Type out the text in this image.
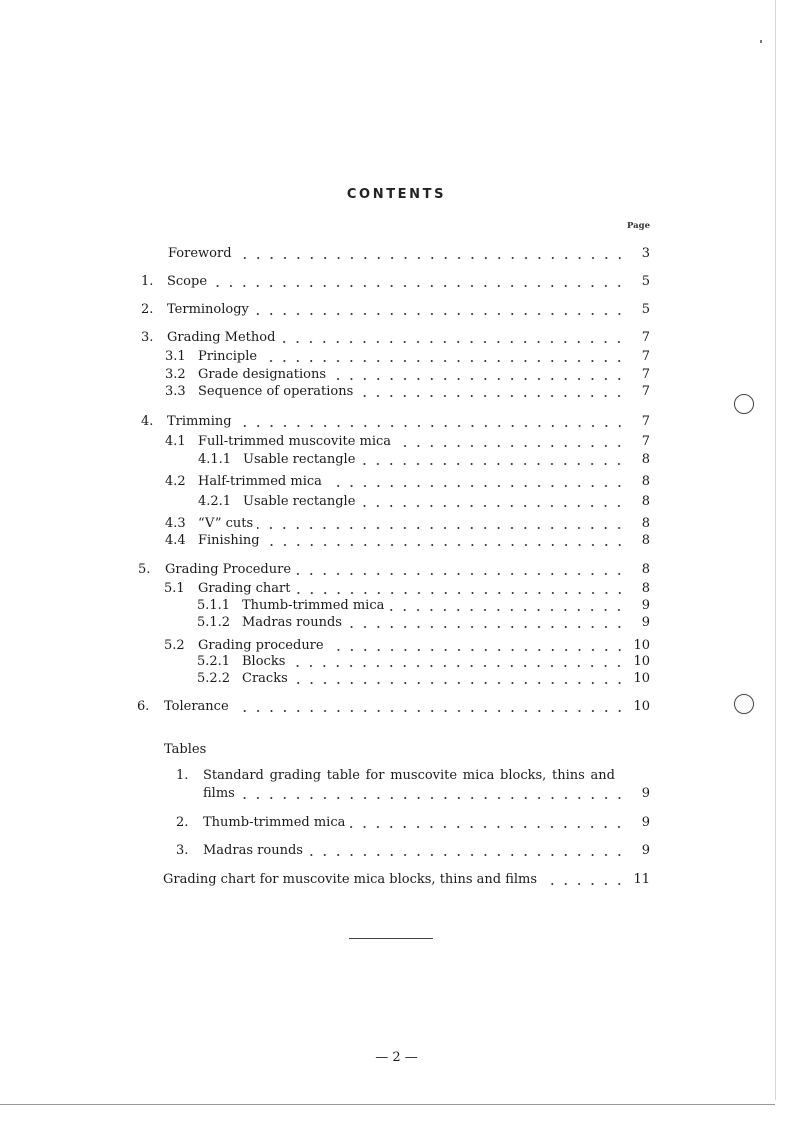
CONTENTS
Page
Foreword	3
1. Scope	5
2. Terminology	5
3. Grading Method	7
3.1 Principle	7
3.2 Grade designations	7
3.3 Sequence of operations	7
4. Trimming	7
4.1 Full-trimmed muscovite mica	7
4.1.1 Usable rectangle	8
4.2 Half-trimmed mica	8
4.2.1 Usable rectangle	8
4.3 “V” cuts	8
4.4 Finishing	8
5. Grading Procedure	8
5.1 Grading chart	8
5.1.1 Thumb-trimmed mica	9
5.1.2 Madras rounds	9
5.2 Grading procedure	10
5.2.1 Blocks	10
5.2.2 Cracks	10
6. Tolerance	10
Tables
1. Standard grading table for muscovite mica blocks, thins and
films	9
2. Thumb-trimmed mica	9
3. Madras rounds	9
Grading chart for muscovite mica blocks, thins and films	11
— 2 —
